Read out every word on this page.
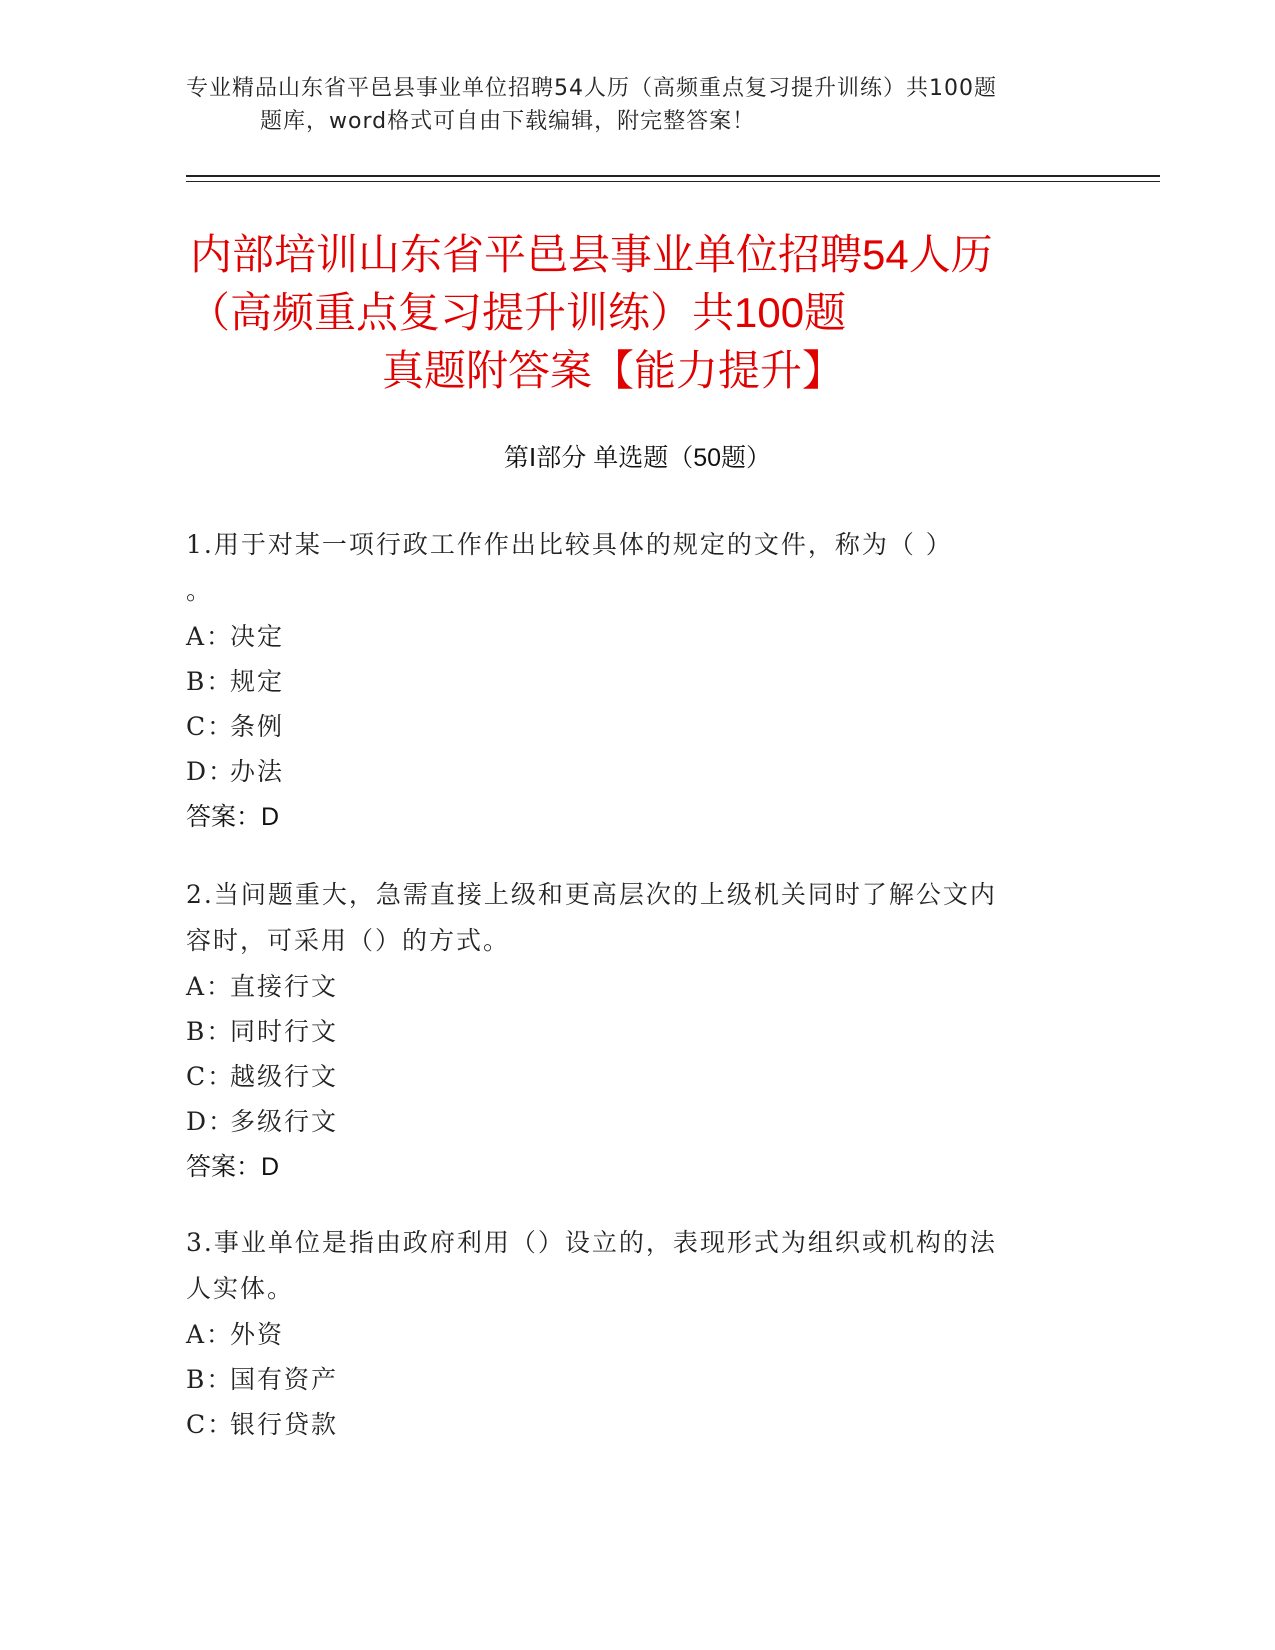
专业精品山东省平邑县事业单位招聘54人历（高频重点复习提升训练）共100题
题库，word格式可自由下载编辑，附完整答案！
内部培训山东省平邑县事业单位招聘54人历
（高频重点复习提升训练）共100题
真题附答案【能力提升】
第Ⅰ部分 单选题（50题）

1.用于对某一项行政工作作出比较具体的规定的文件，称为（ ）

。

A：决定

B：规定

C：条例

D：办法

答案：D

2.当问题重大，急需直接上级和更高层次的上级机关同时了解公文内

容时，可采用（）的方式。

A：直接行文

B：同时行文

C：越级行文

D：多级行文

答案：D

3.事业单位是指由政府利用（）设立的，表现形式为组织或机构的法

人实体。

A：外资

B：国有资产

C：银行贷款
